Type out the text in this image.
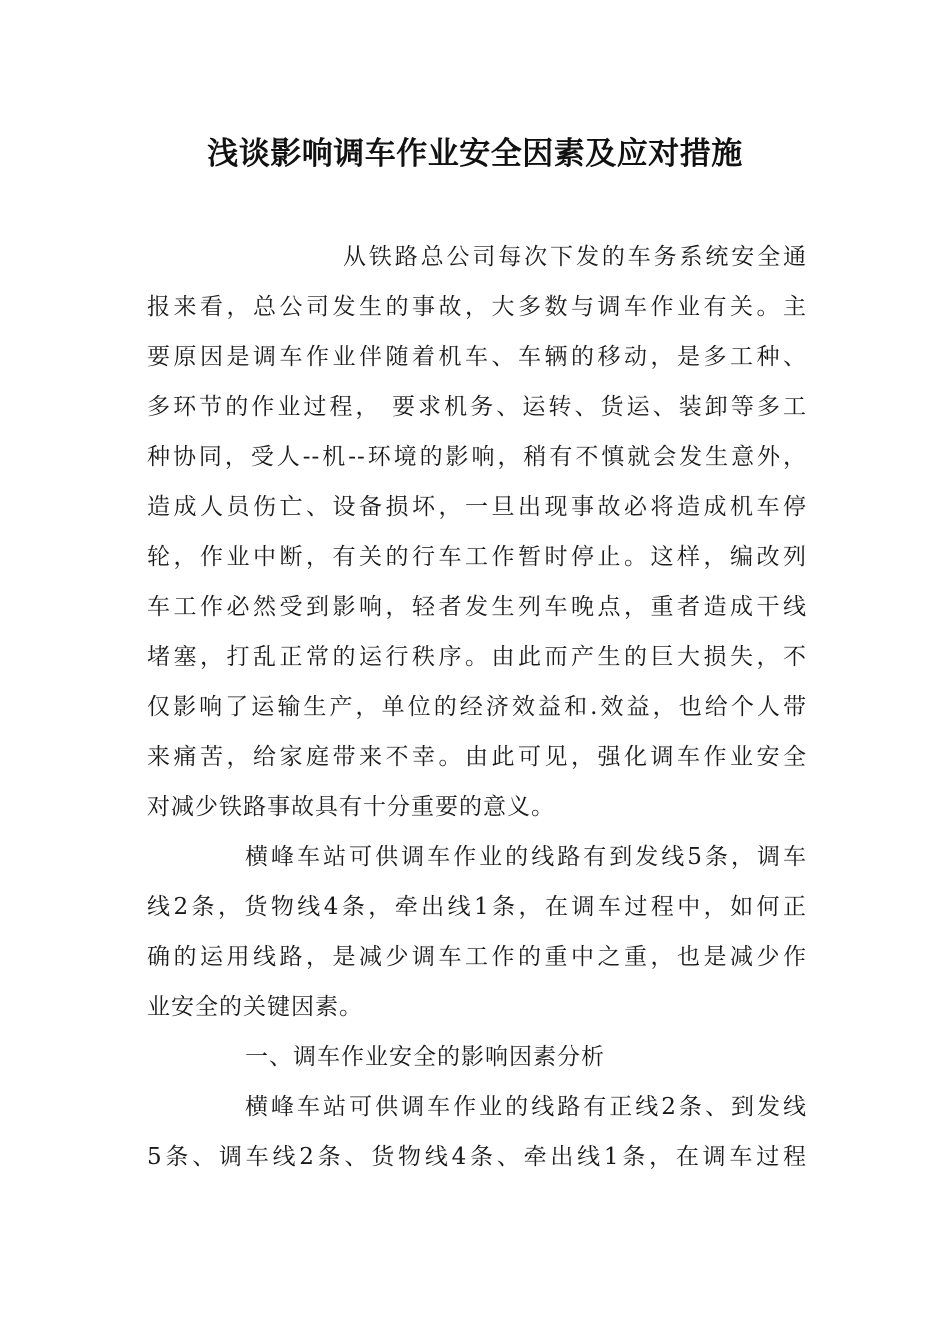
浅谈影响调车作业安全因素及应对措施

从铁路总公司每次下发的车务系统安全通

报来看，总公司发生的事故，大多数与调车作业有关。主

要原因是调车作业伴随着机车、车辆的移动，是多工种、

多环节的作业过程， 要求机务、运转、货运、装卸等多工

种协同，受人--机--环境的影响，稍有不慎就会发生意外，

造成人员伤亡、设备损坏，一旦出现事故必将造成机车停

轮，作业中断，有关的行车工作暂时停止。这样，编改列

车工作必然受到影响，轻者发生列车晚点，重者造成干线

堵塞，打乱正常的运行秩序。由此而产生的巨大损失，不

仅影响了运输生产，单位的经济效益和.效益，也给个人带

来痛苦，给家庭带来不幸。由此可见，强化调车作业安全

对减少铁路事故具有十分重要的意义。

横峰车站可供调车作业的线路有到发线5条，调车

线2条，货物线4条，牵出线1条，在调车过程中，如何正

确的运用线路，是减少调车工作的重中之重，也是减少作

业安全的关键因素。

一、调车作业安全的影响因素分析

横峰车站可供调车作业的线路有正线2条、到发线

5条、调车线2条、货物线4条、牵出线1条，在调车过程
